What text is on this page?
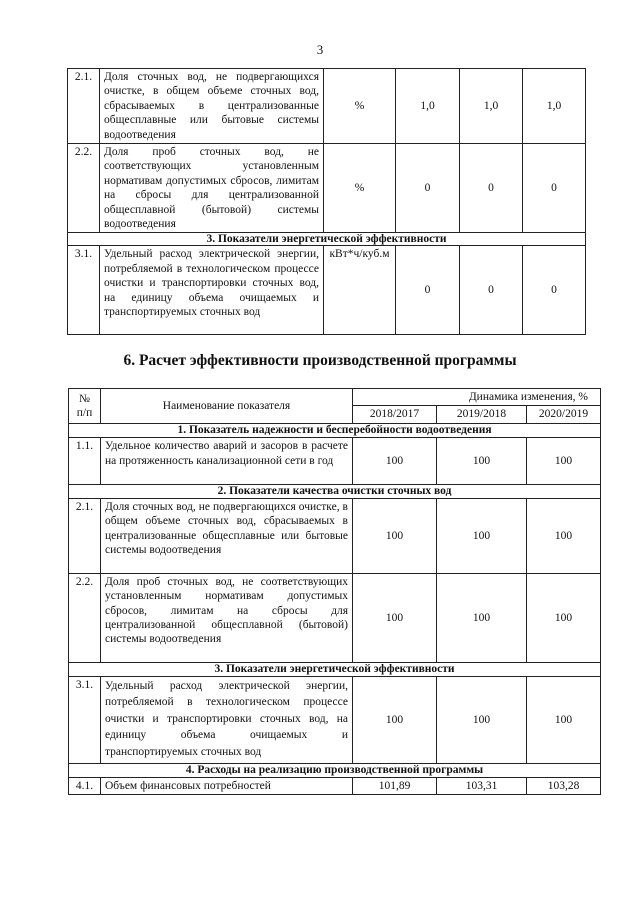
3
2.1.	Доля сточных вод, не подвергающихся очистке, в общем объеме сточных вод, сбрасываемых в централизованные общесплавные или бытовые системы водоотведения	%	1,0	1,0	1,0
2.2.	Доля проб сточных вод, не соответствующих установленным нормативам допустимых сбросов, лимитам на сбросы для централизованной общесплавной (бытовой) системы водоотведения	%	0	0	0
3. Показатели энергетической эффективности					
3.1.	Удельный расход электрической энергии, потребляемой в технологическом процессе очистки и транспортировки сточных вод, на единицу объема очищаемых и транспортируемых сточных вод	кВт*ч/куб.м	0	0	0
6. Расчет эффективности производственной программы
№
п/п	Наименование показателя	Динамика изменения, %		
		2018/2017	2019/2018	2020/2019
1. Показатель надежности и бесперебойности водоотведения				
1.1.	Удельное количество аварий и засоров в расчете на протяженность канализационной сети в год	100	100	100
2. Показатели качества очистки сточных вод				
2.1.	Доля сточных вод, не подвергающихся очистке, в общем объеме сточных вод, сбрасываемых в централизованные общесплавные или бытовые системы водоотведения	100	100	100
2.2.	Доля проб сточных вод, не соответствующих установленным нормативам допустимых сбросов, лимитам на сбросы для централизованной общесплавной (бытовой) системы водоотведения	100	100	100
3. Показатели энергетической эффективности				
3.1.	Удельный расход электрической энергии, потребляемой в технологическом процессе очистки и транспортировки сточных вод, на единицу объема очищаемых и транспортируемых сточных вод	100	100	100
4. Расходы на реализацию производственной программы				
4.1.	Объем финансовых потребностей	101,89	103,31	103,28
